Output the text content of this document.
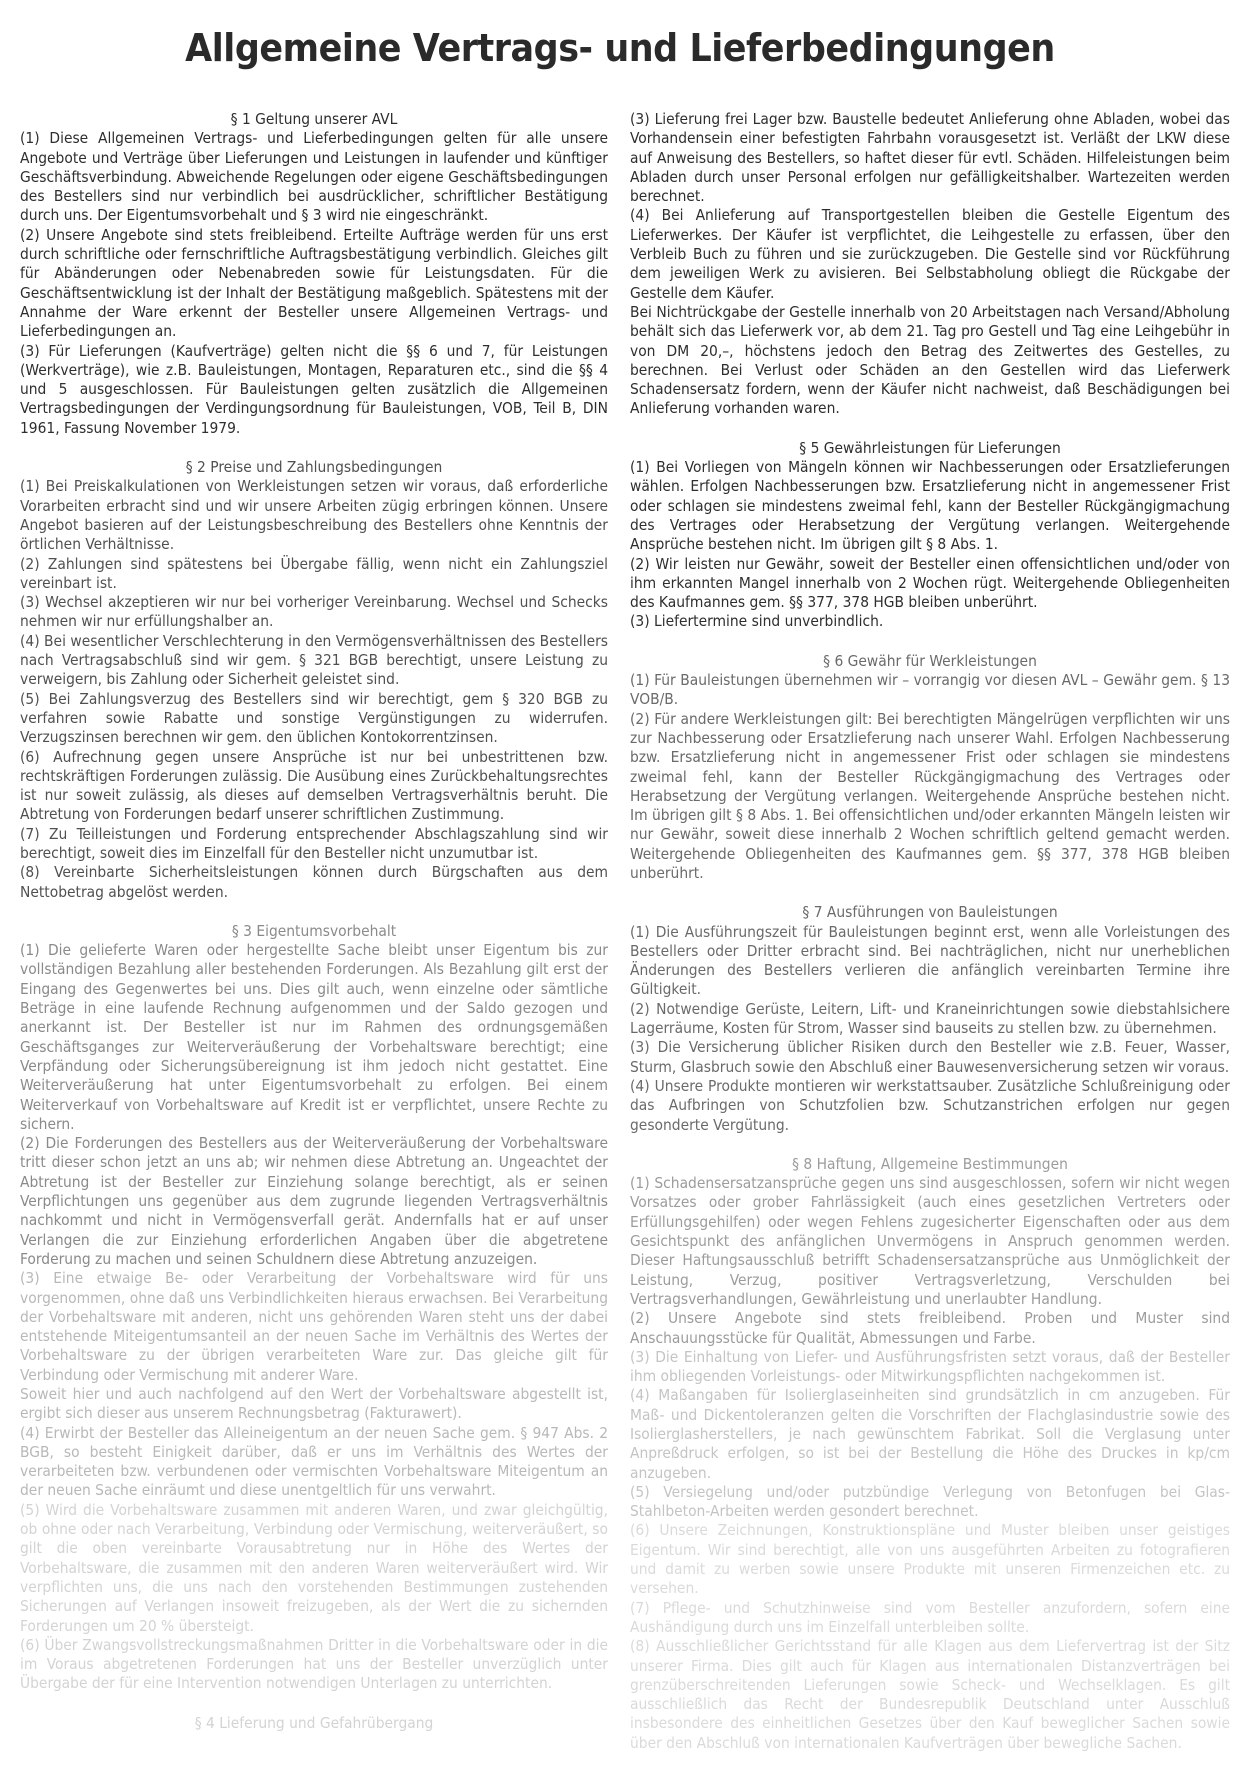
Allgemeine Vertrags- und Lieferbedingungen

§ 1 Geltung unserer AVL

(1) Diese Allgemeinen Vertrags- und Lieferbedingungen gelten für alle unsere Angebote und Verträge über Lieferungen und Leistungen in laufender und künftiger Geschäftsverbindung. Abweichende Regelungen oder eigene Geschäftsbedingungen des Bestellers sind nur verbindlich bei ausdrücklicher, schriftlicher Bestätigung durch uns. Der Eigentumsvorbehalt und § 3 wird nie eingeschränkt.

(2) Unsere Angebote sind stets freibleibend. Erteilte Aufträge werden für uns erst durch schriftliche oder fernschriftliche Auftragsbestätigung verbindlich. Gleiches gilt für Abänderungen oder Nebenabreden sowie für Leistungsdaten. Für die Geschäftsentwicklung ist der Inhalt der Bestätigung maßgeblich. Spätestens mit der Annahme der Ware erkennt der Besteller unsere Allgemeinen Vertrags- und Lieferbedingungen an.

(3) Für Lieferungen (Kaufverträge) gelten nicht die §§ 6 und 7, für Leistungen (Werkverträge), wie z.B. Bauleistungen, Montagen, Reparaturen etc., sind die §§ 4 und 5 ausgeschlossen. Für Bauleistungen gelten zusätzlich die Allgemeinen Vertragsbedingungen der Verdingungsordnung für Bauleistungen, VOB, Teil B, DIN 1961, Fassung November 1979.

§ 2 Preise und Zahlungsbedingungen

(1) Bei Preiskalkulationen von Werkleistungen setzen wir voraus, daß erforderliche Vorarbeiten erbracht sind und wir unsere Arbeiten zügig erbringen können. Unsere Angebot basieren auf der Leistungsbeschreibung des Bestellers ohne Kenntnis der örtlichen Verhältnisse.

(2) Zahlungen sind spätestens bei Übergabe fällig, wenn nicht ein Zahlungsziel vereinbart ist.

(3) Wechsel akzeptieren wir nur bei vorheriger Vereinbarung. Wechsel und Schecks nehmen wir nur erfüllungshalber an.

(4) Bei wesentlicher Verschlechterung in den Vermögensverhältnissen des Bestellers nach Vertragsabschluß sind wir gem. § 321 BGB berechtigt, unsere Leistung zu verweigern, bis Zahlung oder Sicherheit geleistet sind.

(5) Bei Zahlungsverzug des Bestellers sind wir berechtigt, gem § 320 BGB zu verfahren sowie Rabatte und sonstige Vergünstigungen zu widerrufen. Verzugszinsen berechnen wir gem. den üblichen Kontokorrentzinsen.

(6) Aufrechnung gegen unsere Ansprüche ist nur bei unbestrittenen bzw. rechtskräftigen Forderungen zulässig. Die Ausübung eines Zurückbehaltungsrechtes ist nur soweit zulässig, als dieses auf demselben Vertragsverhältnis beruht. Die Abtretung von Forderungen bedarf unserer schriftlichen Zustimmung.

(7) Zu Teilleistungen und Forderung entsprechender Abschlagszahlung sind wir berechtigt, soweit dies im Einzelfall für den Besteller nicht unzumutbar ist.

(8) Vereinbarte Sicherheitsleistungen können durch Bürgschaften aus dem Nettobetrag abgelöst werden.

§ 3 Eigentumsvorbehalt

(1) Die gelieferte Waren oder hergestellte Sache bleibt unser Eigentum bis zur vollständigen Bezahlung aller bestehenden Forderungen. Als Bezahlung gilt erst der Eingang des Gegenwertes bei uns. Dies gilt auch, wenn einzelne oder sämtliche Beträge in eine laufende Rechnung aufgenommen und der Saldo gezogen und anerkannt ist. Der Besteller ist nur im Rahmen des ordnungsgemäßen Geschäftsganges zur Weiterveräußerung der Vorbehaltsware berechtigt; eine Verpfändung oder Sicherungsübereignung ist ihm jedoch nicht gestattet. Eine Weiterveräußerung hat unter Eigentumsvorbehalt zu erfolgen. Bei einem Weiterverkauf von Vorbehaltsware auf Kredit ist er verpflichtet, unsere Rechte zu sichern.

(2) Die Forderungen des Bestellers aus der Weiterveräußerung der Vorbehaltsware tritt dieser schon jetzt an uns ab; wir nehmen diese Abtretung an. Ungeachtet der Abtretung ist der Besteller zur Einziehung solange berechtigt, als er seinen Verpflichtungen uns gegenüber aus dem zugrunde liegenden Vertragsverhältnis nachkommt und nicht in Vermögensverfall gerät. Andernfalls hat er auf unser Verlangen die zur Einziehung erforderlichen Angaben über die abgetretene Forderung zu machen und seinen Schuldnern diese Abtretung anzuzeigen.

(3) Eine etwaige Be- oder Verarbeitung der Vorbehaltsware wird für uns vorgenommen, ohne daß uns Verbindlichkeiten hieraus erwachsen. Bei Verarbeitung der Vorbehaltsware mit anderen, nicht uns gehörenden Waren steht uns der dabei entstehende Miteigentumsanteil an der neuen Sache im Verhältnis des Wertes der Vorbehaltsware zu der übrigen verarbeiteten Ware zur. Das gleiche gilt für Verbindung oder Vermischung mit anderer Ware.

Soweit hier und auch nachfolgend auf den Wert der Vorbehaltsware abgestellt ist, ergibt sich dieser aus unserem Rechnungsbetrag (Fakturawert).

(4) Erwirbt der Besteller das Alleineigentum an der neuen Sache gem. § 947 Abs. 2 BGB, so besteht Einigkeit darüber, daß er uns im Verhältnis des Wertes der verarbeiteten bzw. verbundenen oder vermischten Vorbehaltsware Miteigentum an der neuen Sache einräumt und diese unentgeltlich für uns verwahrt.

(5) Wird die Vorbehaltsware zusammen mit anderen Waren, und zwar gleichgültig, ob ohne oder nach Verarbeitung, Verbindung oder Vermischung, weiterveräußert, so gilt die oben vereinbarte Vorausabtretung nur in Höhe des Wertes der Vorbehaltsware, die zusammen mit den anderen Waren weiterveräußert wird. Wir verpflichten uns, die uns nach den vorstehenden Bestimmungen zustehenden Sicherungen auf Verlangen insoweit freizugeben, als der Wert die zu sichernden Forderungen um 20 % übersteigt.

(6) Über Zwangsvollstreckungsmaßnahmen Dritter in die Vorbehaltsware oder in die im Voraus abgetretenen Forderungen hat uns der Besteller unverzüglich unter Übergabe der für eine Intervention notwendigen Unterlagen zu unterrichten.

§ 4 Lieferung und Gefahrübergang

(3) Lieferung frei Lager bzw. Baustelle bedeutet Anlieferung ohne Abladen, wobei das Vorhandensein einer befestigten Fahrbahn vorausgesetzt ist. Verläßt der LKW diese auf Anweisung des Bestellers, so haftet dieser für evtl. Schäden. Hilfeleistungen beim Abladen durch unser Personal erfolgen nur gefälligkeitshalber. Wartezeiten werden berechnet.

(4) Bei Anlieferung auf Transportgestellen bleiben die Gestelle Eigentum des Lieferwerkes. Der Käufer ist verpflichtet, die Leihgestelle zu erfassen, über den Verbleib Buch zu führen und sie zurückzugeben. Die Gestelle sind vor Rückführung dem jeweiligen Werk zu avisieren. Bei Selbstabholung obliegt die Rückgabe der Gestelle dem Käufer.

Bei Nichtrückgabe der Gestelle innerhalb von 20 Arbeitstagen nach Versand/Abholung behält sich das Lieferwerk vor, ab dem 21. Tag pro Gestell und Tag eine Leihgebühr in von DM 20,–, höchstens jedoch den Betrag des Zeitwertes des Gestelles, zu berechnen. Bei Verlust oder Schäden an den Gestellen wird das Lieferwerk Schadensersatz fordern, wenn der Käufer nicht nachweist, daß Beschädigungen bei Anlieferung vorhanden waren.

§ 5 Gewährleistungen für Lieferungen

(1) Bei Vorliegen von Mängeln können wir Nachbesserungen oder Ersatzlieferungen wählen. Erfolgen Nachbesserungen bzw. Ersatzlieferung nicht in angemessener Frist oder schlagen sie mindestens zweimal fehl, kann der Besteller Rückgängigmachung des Vertrages oder Herabsetzung der Vergütung verlangen. Weitergehende Ansprüche bestehen nicht. Im übrigen gilt § 8 Abs. 1.

(2) Wir leisten nur Gewähr, soweit der Besteller einen offensichtlichen und/oder von ihm erkannten Mangel innerhalb von 2 Wochen rügt. Weitergehende Obliegenheiten des Kaufmannes gem. §§ 377, 378 HGB bleiben unberührt.

(3) Liefertermine sind unverbindlich.

§ 6 Gewähr für Werkleistungen

(1) Für Bauleistungen übernehmen wir – vorrangig vor diesen AVL – Gewähr gem. § 13 VOB/B.

(2) Für andere Werkleistungen gilt: Bei berechtigten Mängelrügen verpflichten wir uns zur Nachbesserung oder Ersatzlieferung nach unserer Wahl. Erfolgen Nachbesserung bzw. Ersatzlieferung nicht in angemessener Frist oder schlagen sie mindestens zweimal fehl, kann der Besteller Rückgängigmachung des Vertrages oder Herabsetzung der Vergütung verlangen. Weitergehende Ansprüche bestehen nicht. Im übrigen gilt § 8 Abs. 1. Bei offensichtlichen und/oder erkannten Mängeln leisten wir nur Gewähr, soweit diese innerhalb 2 Wochen schriftlich geltend gemacht werden. Weitergehende Obliegenheiten des Kaufmannes gem. §§ 377, 378 HGB bleiben unberührt.

§ 7 Ausführungen von Bauleistungen

(1) Die Ausführungszeit für Bauleistungen beginnt erst, wenn alle Vorleistungen des Bestellers oder Dritter erbracht sind. Bei nachträglichen, nicht nur unerheblichen Änderungen des Bestellers verlieren die anfänglich vereinbarten Termine ihre Gültigkeit.

(2) Notwendige Gerüste, Leitern, Lift- und Kraneinrichtungen sowie diebstahlsichere Lagerräume, Kosten für Strom, Wasser sind bauseits zu stellen bzw. zu übernehmen.

(3) Die Versicherung üblicher Risiken durch den Besteller wie z.B. Feuer, Wasser, Sturm, Glasbruch sowie den Abschluß einer Bauwesenversicherung setzen wir voraus.

(4) Unsere Produkte montieren wir werkstattsauber. Zusätzliche Schlußreinigung oder das Aufbringen von Schutzfolien bzw. Schutzanstrichen erfolgen nur gegen gesonderte Vergütung.

§ 8 Haftung, Allgemeine Bestimmungen

(1) Schadensersatzansprüche gegen uns sind ausgeschlossen, sofern wir nicht wegen Vorsatzes oder grober Fahrlässigkeit (auch eines gesetzlichen Vertreters oder Erfüllungsgehilfen) oder wegen Fehlens zugesicherter Eigenschaften oder aus dem Gesichtspunkt des anfänglichen Unvermögens in Anspruch genommen werden. Dieser Haftungsausschluß betrifft Schadensersatzansprüche aus Unmöglichkeit der Leistung, Verzug, positiver Vertragsverletzung, Verschulden bei Vertragsverhandlungen, Gewährleistung und unerlaubter Handlung.

(2) Unsere Angebote sind stets freibleibend. Proben und Muster sind Anschauungsstücke für Qualität, Abmessungen und Farbe.

(3) Die Einhaltung von Liefer- und Ausführungsfristen setzt voraus, daß der Besteller ihm obliegenden Vorleistungs- oder Mitwirkungspflichten nachgekommen ist.

(4) Maßangaben für Isolierglaseinheiten sind grundsätzlich in cm anzugeben. Für Maß- und Dickentoleranzen gelten die Vorschriften der Flachglasindustrie sowie des Isolierglasherstellers, je nach gewünschtem Fabrikat. Soll die Verglasung unter Anpreßdruck erfolgen, so ist bei der Bestellung die Höhe des Druckes in kp/cm anzugeben.

(5) Versiegelung und/oder putzbündige Verlegung von Betonfugen bei Glas-Stahlbeton-Arbeiten werden gesondert berechnet.

(6) Unsere Zeichnungen, Konstruktionspläne und Muster bleiben unser geistiges Eigentum. Wir sind berechtigt, alle von uns ausgeführten Arbeiten zu fotografieren und damit zu werben sowie unsere Produkte mit unseren Firmenzeichen etc. zu versehen.

(7) Pflege- und Schutzhinweise sind vom Besteller anzufordern, sofern eine Aushändigung durch uns im Einzelfall unterbleiben sollte.

(8) Ausschließlicher Gerichtsstand für alle Klagen aus dem Liefervertrag ist der Sitz unserer Firma. Dies gilt auch für Klagen aus internationalen Distanzverträgen bei grenzüberschreitenden Lieferungen sowie Scheck- und Wechselklagen. Es gilt ausschließlich das Recht der Bundesrepublik Deutschland unter Ausschluß insbesondere des einheitlichen Gesetzes über den Kauf beweglicher Sachen sowie über den Abschluß von internationalen Kaufverträgen über bewegliche Sachen.
